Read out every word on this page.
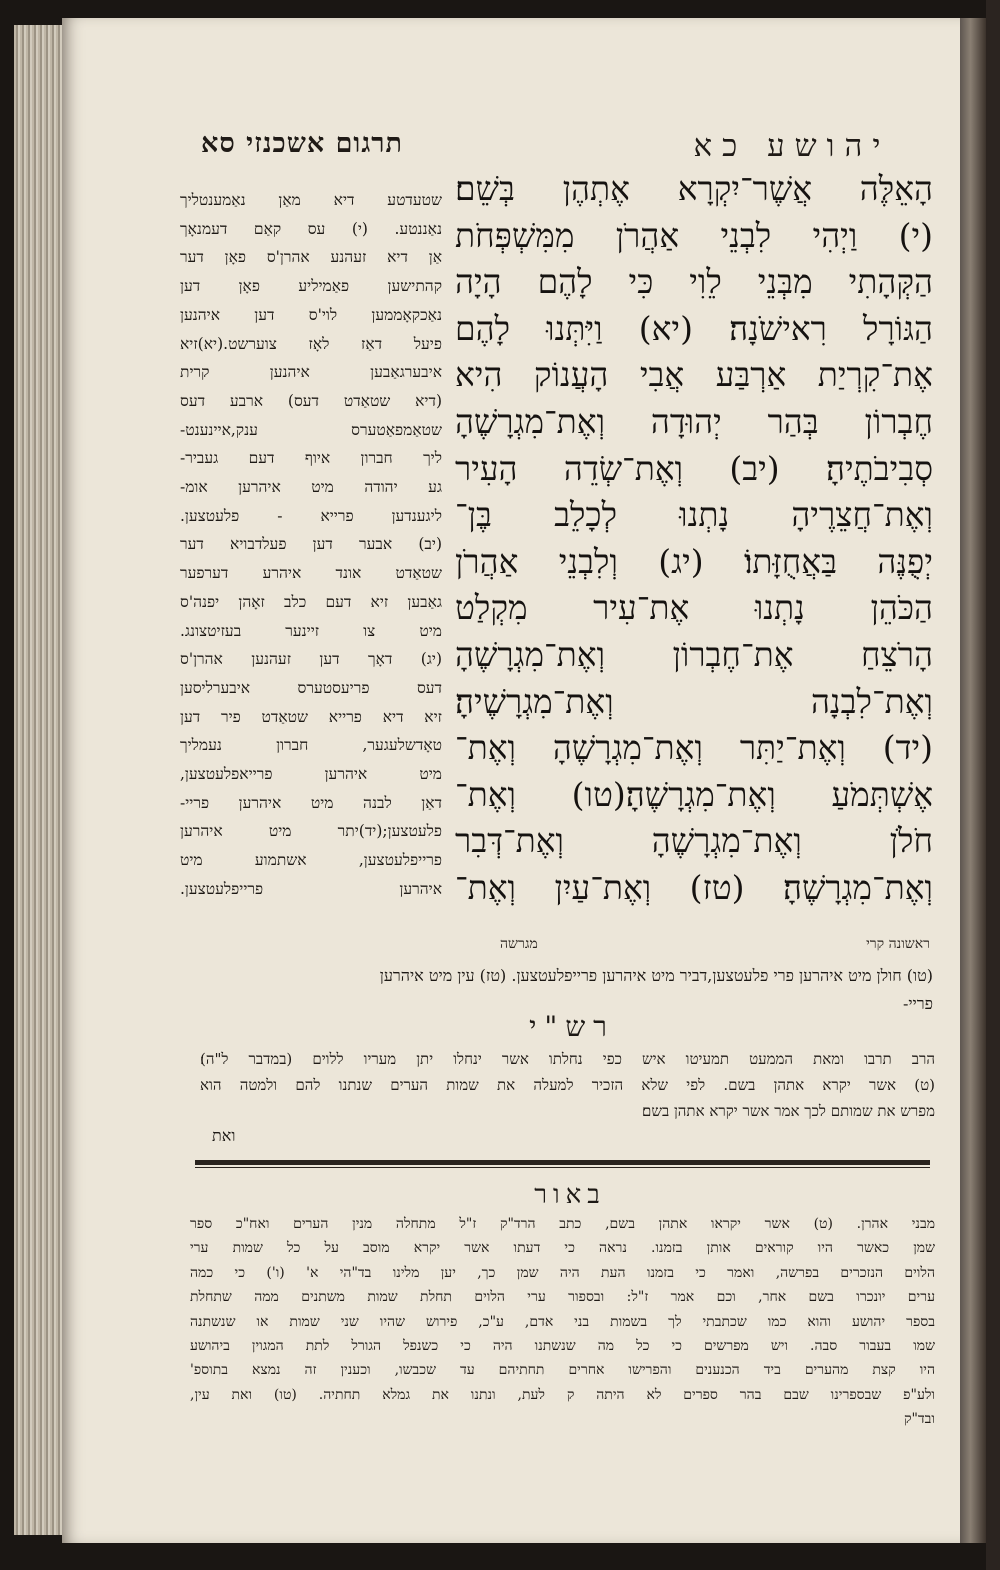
תרגום אשכנזי סא	יהושע כא
הָאֵלֶּה אֲשֶׁר־יִקְרָא אֶתְהֶן בְּשֵׁם׃
(י) וַיְהִי לִבְנֵי אַהֲרֹן מִמִּשְׁפְּחֹת
הַקְּהָתִי מִבְּנֵי לֵוִי כִּי לָהֶם הָיָה
הַגּוֹרָל רִאישֹׁנָה׃ (יא) וַיִּתְּנוּ לָהֶם
אֶת־קִרְיַת אַרְבַּע אֲבִי הָעֲנוֹק הִיא
חֶבְרוֹן בְּהַר יְהוּדָה וְאֶת־מִגְרָשֶׁהָ
סְבִיבֹתֶיהָ׃ (יב) וְאֶת־שְׂדֵה הָעִיר
וְאֶת־חֲצֵרֶיהָ נָתְנוּ לְכָלֵב בֶּן־
יְפֻנֶּה בַּאֲחֻזָּתוֹ׃ (יג) וְלִבְנֵי אַהֲרֹן
הַכֹּהֵן נָתְנוּ אֶת־עִיר מִקְלַט
הָרֹצֵחַ אֶת־חֶבְרוֹן וְאֶת־מִגְרָשֶׁהָ
וְאֶת־לִבְנָה וְאֶת־מִגְרָשֶׁיהָ׃
(יד) וְאֶת־יַתִּר וְאֶת־מִגְרָשֶׁהָ וְאֶת־
אֶשְׁתְּמֹעַ וְאֶת־מִגְרָשֶׁהָ׃(טו) וְאֶת־
חֹלֹן וְאֶת־מִגְרָשֶׁהָ וְאֶת־דְּבִר
וְאֶת־מִגְרָשֶׁהָ׃ (טז) וְאֶת־עַיִן וְאֶת־
שטעדטע דיא מאַן נאַמענטליך
נאַננטע. (י) עס קאַם דעמנאָך
אַן דיא זעהנע אהרן'ס פאָן דער
קהתישען פאַמיליע פאָן דען
נאַכקאָממען לוי'ס דען איהנען
פיעל דאַז לאָז צוערשט.(יא)זיא
איבערגאַבען איהנען קרית
(דיא שטאַדט דעס) ארבע דעס
שטאַמפאַטערס ענק,איינענט-
ליך חברון איוף דעם געביר-
גע יהודה מיט איהרען אומ-
ליגענדען פרייא - פלעטצען.
(יב) אבער דען פעלדבויא דער
שטאַדט אונד איהרע דערפער
גאַבען זיא דעם כלב זאָהן יפנה'ס
מיט צו זיינער בעזיטצונג.
(יג) דאָך דען זעהנען אהרן'ס
דעס פריעסטערס איבערליסען
זיא דיא פרייא שטאַדט פיר דען
טאָדשלעגער, חברון נעמליך
מיט איהרען פרייאפלעטצען,
דאַן לבנה מיט איהרען פריי-
פלעטצען;(יד)יתר מיט איהרען
פרייפלעטצען, אשתמוע מיט
איהרען פרייפלעטצען.
מגרשה	ראשונה קרי
(טו) חולן מיט איהרען פרי פלעטצען,דביר מיט איהרען פרייפלעטצען. (טז) עין מיט איהרען
פריי-
רש"י
הרב תרבו ומאת הממעט תמעיטו איש כפי נחלתו אשר ינחלו יתן מעריו ללוים (במדבר ל"ה)׃
(ט) אשר יקרא אתהן בשם. לפי שלא הזכיר למעלה את שמות הערים שנתנו להם ולמטה הוא
מפרש את שמותם לכך אמר אשר יקרא אתהן בשם׃
ואת
באור
מבני אהרן. (ט) אשר יקראו אתהן בשם, כתב הרד"ק ז"ל מתחלה מנין הערים ואח"כ ספר
שמן כאשר היו קוראים אותן בזמנו. נראה כי דעתו אשר יקרא מוסב על כל שמות ערי
הלוים הנזכרים בפרשה, ואמר כי בזמנו העת היה שמן כך, יען מלינו בד"הי א' (ו') כי כמה
ערים יונכרו בשם אחר, וכם אמר ז"ל: ובספור ערי הלוים תחלת שמות משתנים ממה שתחלת
בספר יהושע והוא כמו שכתבתי לך בשמות בני אדם, ע"כ, פירוש שהיו שני שמות או שנשתנה
שמו בעבור סבה. ויש מפרשים כי כל מה שנשתנו היה כי כשנפל הגורל לתת המגוין ביהושע
היו קצת מהערים ביד הכנענים והפרישו אחרים תחתיהם עד שכבשו, וכענין זה נמצא בתוספ'
ולע"פ שבספרינו שבם בהר ספרים לא היתה ק לעת, ונתנו את גמלא תחתיה. (טו) ואת עין,
ובד"ק
